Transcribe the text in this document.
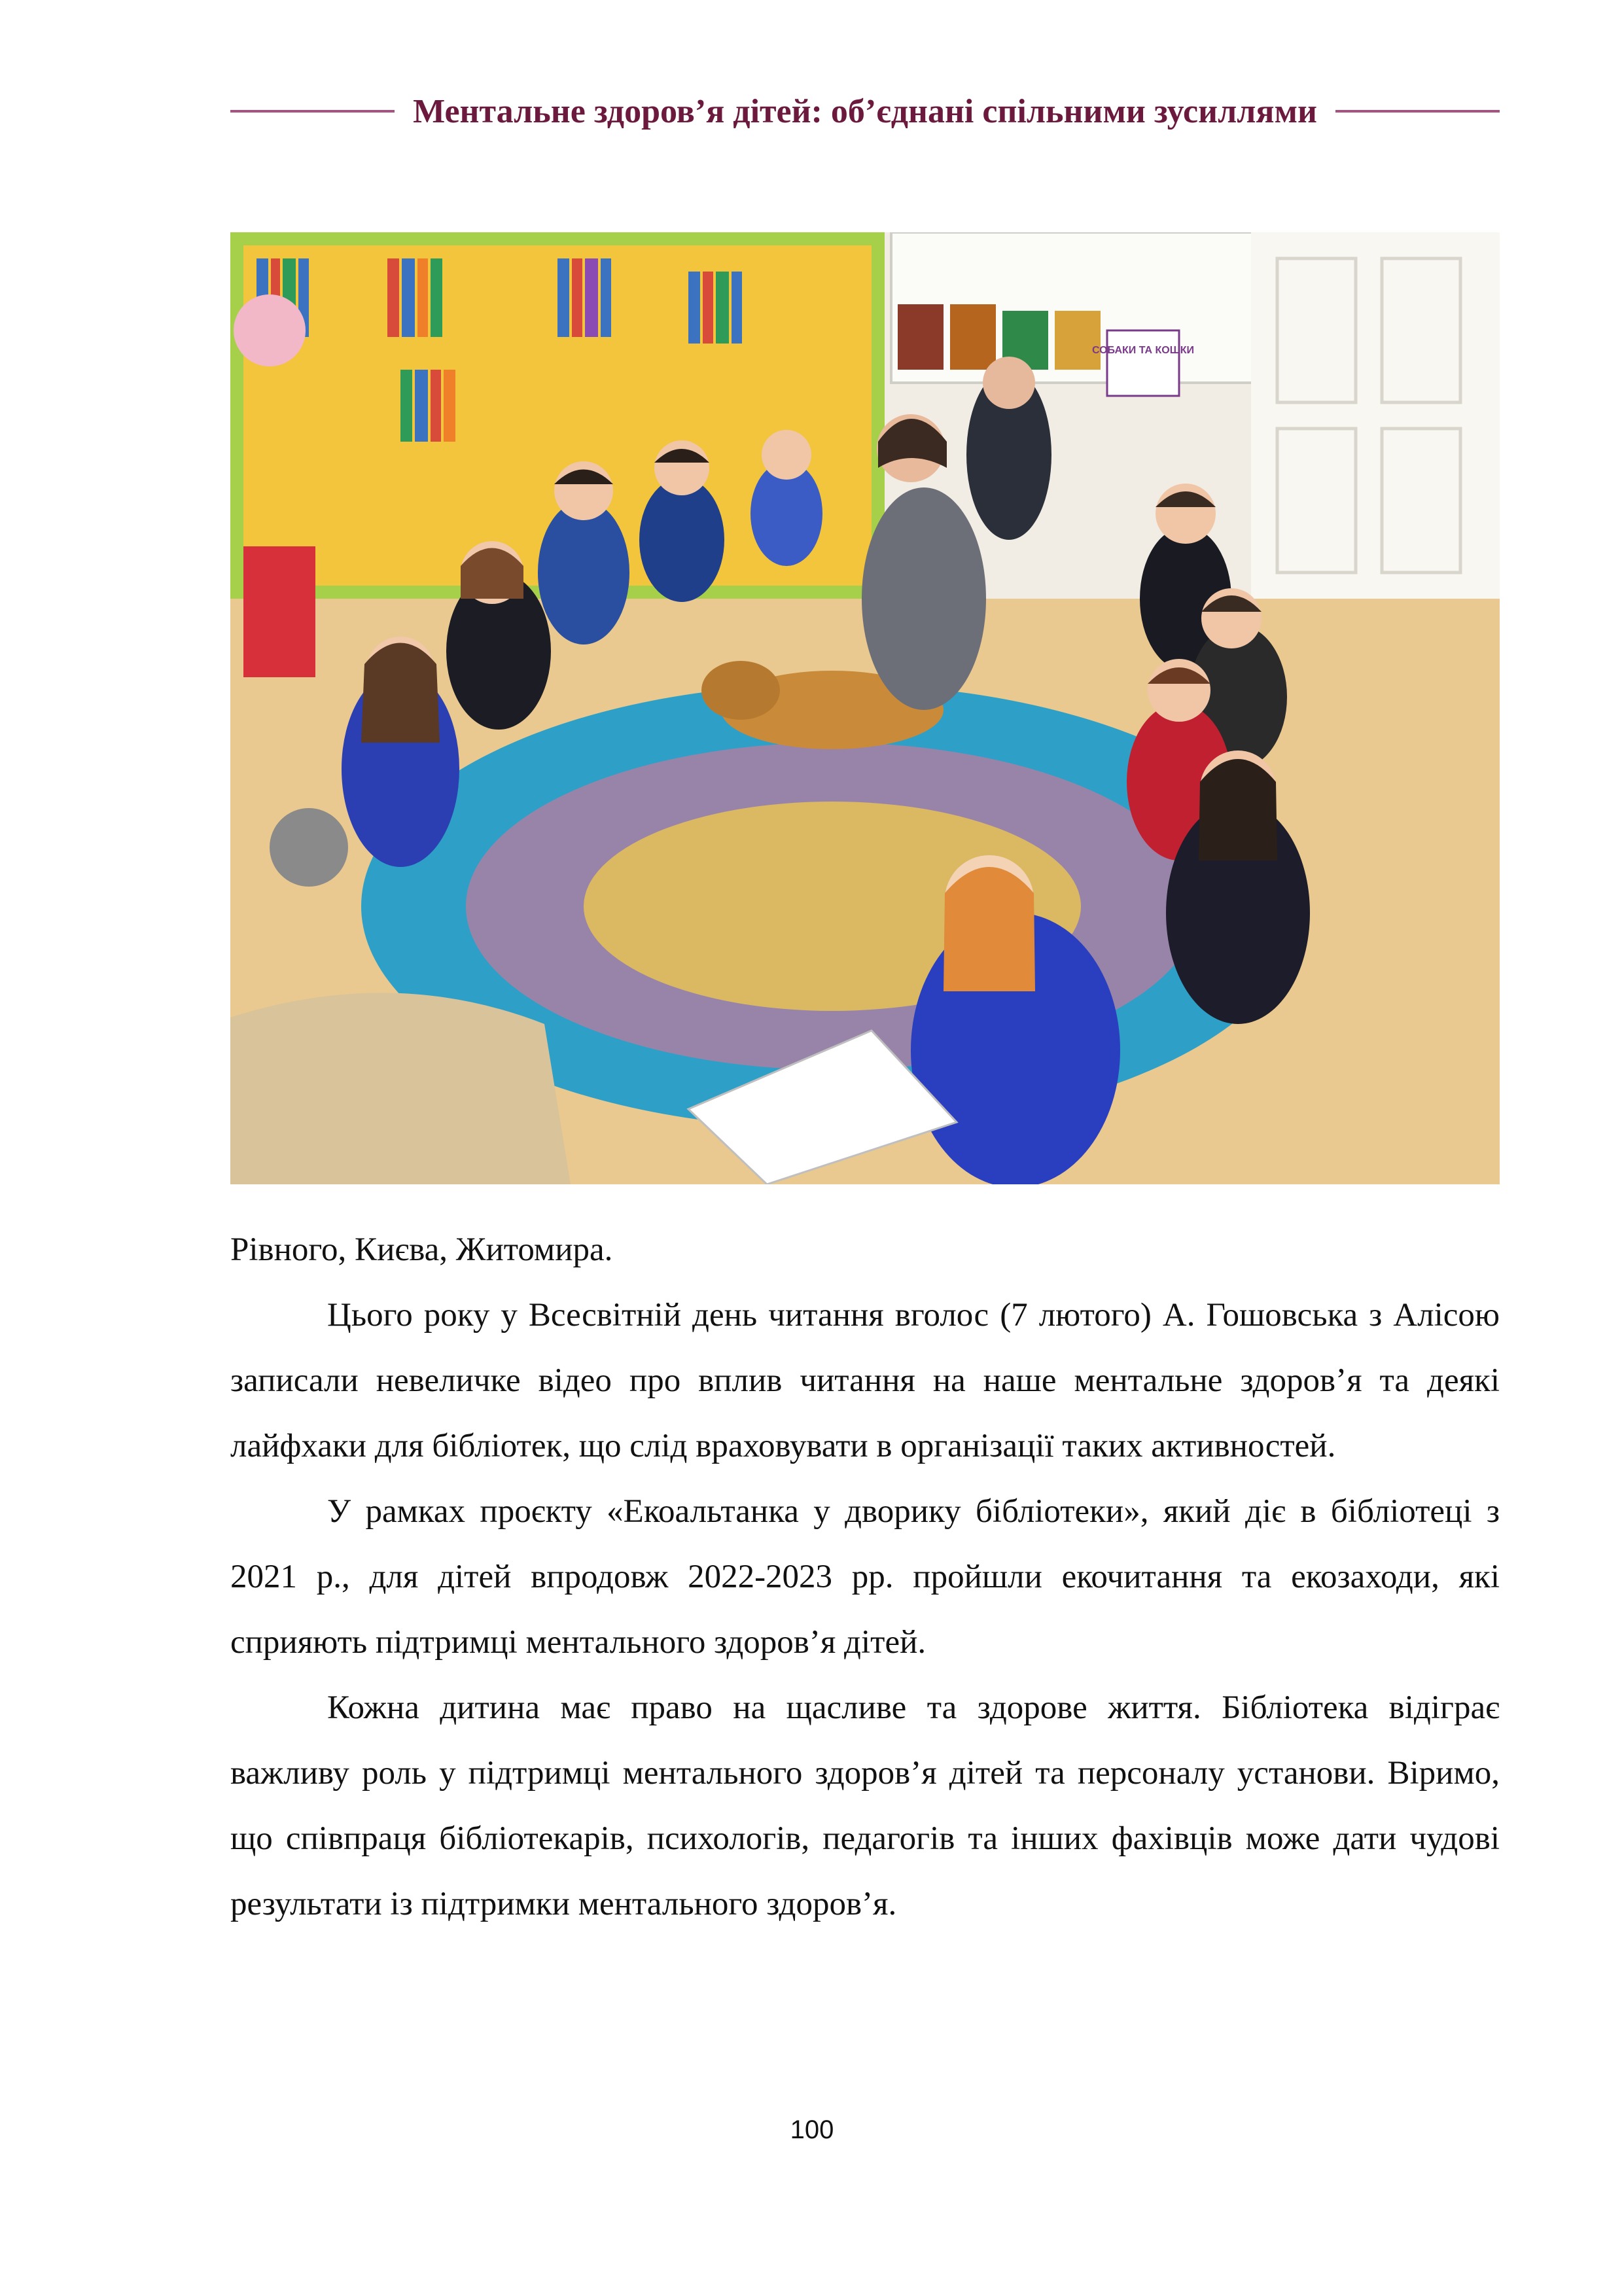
Ментальне здоров’я дітей: об’єднані спільними зусиллями
СОБАКИ ТА КОШКИ

Рівного, Києва, Житомира.

Цього року у Всесвітній день читання вголос (7 лютого) А. Гошовська з Алісою записали невеличке відео про вплив читання на наше ментальне здоров’я та деякі лайфхаки для бібліотек, що слід враховувати в організації таких активностей.

У рамках проєкту «Екоальтанка у дворику бібліотеки», який діє в бібліотеці з 2021 р., для дітей впродовж 2022-2023 рр. пройшли екочитання та екозаходи, які сприяють підтримці ментального здоров’я дітей.

Кожна дитина має право на щасливе та здорове життя. Бібліотека відіграє важливу роль у підтримці ментального здоров’я дітей та персоналу установи. Віримо, що співпраця бібліотекарів, психологів, педагогів та інших фахівців може дати чудові результати із підтримки ментального здоров’я.

100
